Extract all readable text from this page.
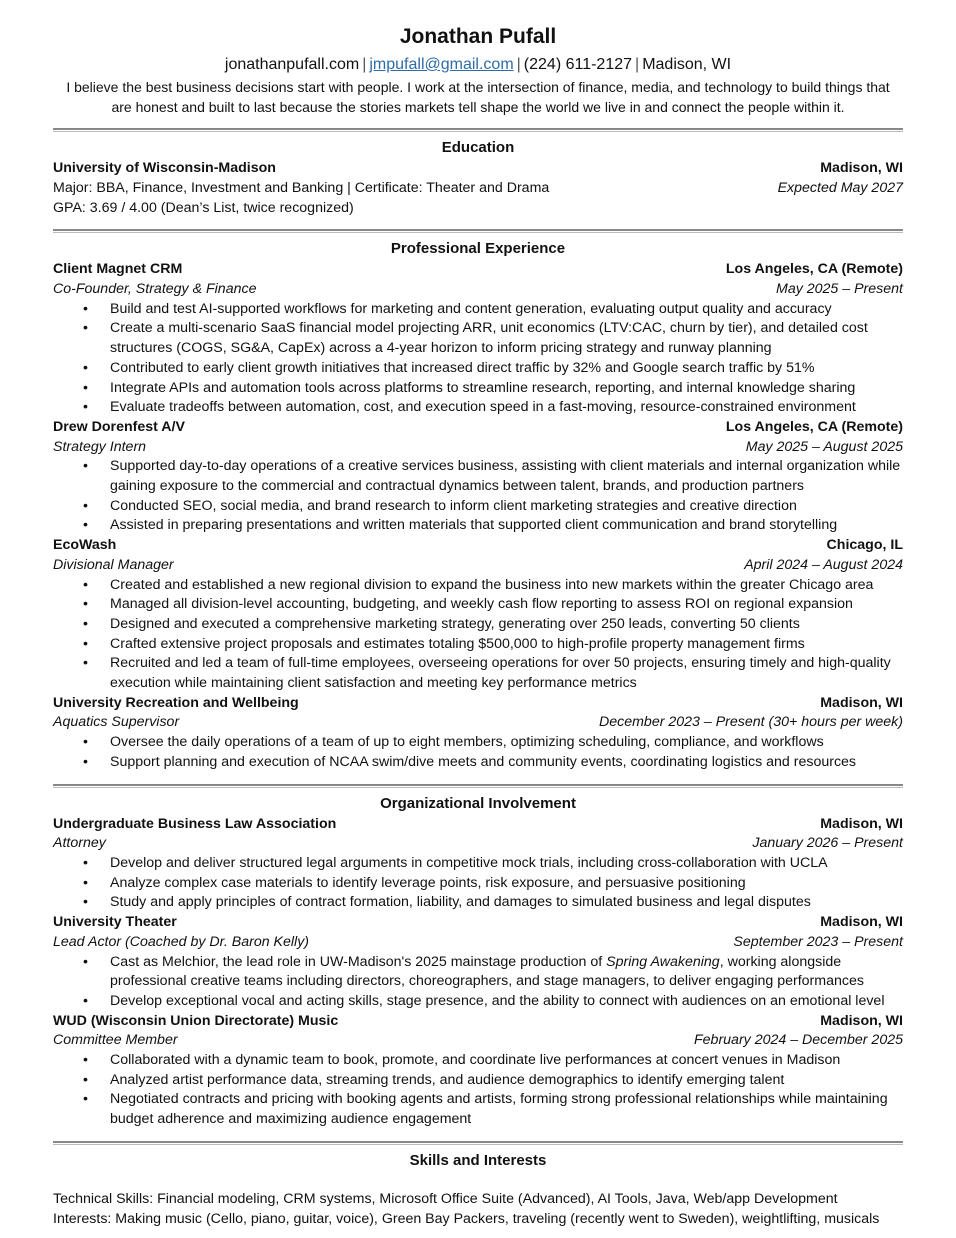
Jonathan Pufall
jonathanpufall.com | jmpufall@gmail.com | (224) 611-2127 | Madison, WI
I believe the best business decisions start with people. I work at the intersection of finance, media, and technology to build things that are honest and built to last because the stories markets tell shape the world we live in and connect the people within it.
Education
University of Wisconsin-Madison	Madison, WI
Major: BBA, Finance, Investment and Banking | Certificate: Theater and Drama	Expected May 2027
GPA: 3.69 / 4.00 (Dean’s List, twice recognized)
Professional Experience
Client Magnet CRM	Los Angeles, CA (Remote)
Co-Founder, Strategy & Finance	May 2025 – Present
• Build and test AI-supported workflows for marketing and content generation, evaluating output quality and accuracy
• Create a multi-scenario SaaS financial model projecting ARR, unit economics (LTV:CAC, churn by tier), and detailed cost structures (COGS, SG&A, CapEx) across a 4-year horizon to inform pricing strategy and runway planning
• Contributed to early client growth initiatives that increased direct traffic by 32% and Google search traffic by 51%
• Integrate APIs and automation tools across platforms to streamline research, reporting, and internal knowledge sharing
• Evaluate tradeoffs between automation, cost, and execution speed in a fast-moving, resource-constrained environment
Drew Dorenfest A/V	Los Angeles, CA (Remote)
Strategy Intern	May 2025 – August 2025
• Supported day-to-day operations of a creative services business, assisting with client materials and internal organization while gaining exposure to the commercial and contractual dynamics between talent, brands, and production partners
• Conducted SEO, social media, and brand research to inform client marketing strategies and creative direction
• Assisted in preparing presentations and written materials that supported client communication and brand storytelling
EcoWash	Chicago, IL
Divisional Manager	April 2024 – August 2024
• Created and established a new regional division to expand the business into new markets within the greater Chicago area
• Managed all division-level accounting, budgeting, and weekly cash flow reporting to assess ROI on regional expansion
• Designed and executed a comprehensive marketing strategy, generating over 250 leads, converting 50 clients
• Crafted extensive project proposals and estimates totaling $500,000 to high-profile property management firms
• Recruited and led a team of full-time employees, overseeing operations for over 50 projects, ensuring timely and high-quality execution while maintaining client satisfaction and meeting key performance metrics
University Recreation and Wellbeing	Madison, WI
Aquatics Supervisor	December 2023 – Present (30+ hours per week)
• Oversee the daily operations of a team of up to eight members, optimizing scheduling, compliance, and workflows
• Support planning and execution of NCAA swim/dive meets and community events, coordinating logistics and resources
Organizational Involvement
Undergraduate Business Law Association	Madison, WI
Attorney	January 2026 – Present
• Develop and deliver structured legal arguments in competitive mock trials, including cross-collaboration with UCLA
• Analyze complex case materials to identify leverage points, risk exposure, and persuasive positioning
• Study and apply principles of contract formation, liability, and damages to simulated business and legal disputes
University Theater	Madison, WI
Lead Actor (Coached by Dr. Baron Kelly)	September 2023 – Present
• Cast as Melchior, the lead role in UW-Madison's 2025 mainstage production of Spring Awakening, working alongside professional creative teams including directors, choreographers, and stage managers, to deliver engaging performances
• Develop exceptional vocal and acting skills, stage presence, and the ability to connect with audiences on an emotional level
WUD (Wisconsin Union Directorate) Music	Madison, WI
Committee Member	February 2024 – December 2025
• Collaborated with a dynamic team to book, promote, and coordinate live performances at concert venues in Madison
• Analyzed artist performance data, streaming trends, and audience demographics to identify emerging talent
• Negotiated contracts and pricing with booking agents and artists, forming strong professional relationships while maintaining budget adherence and maximizing audience engagement
Skills and Interests
Technical Skills: Financial modeling, CRM systems, Microsoft Office Suite (Advanced), AI Tools, Java, Web/app Development
Interests: Making music (Cello, piano, guitar, voice), Green Bay Packers, traveling (recently went to Sweden), weightlifting, musicals
